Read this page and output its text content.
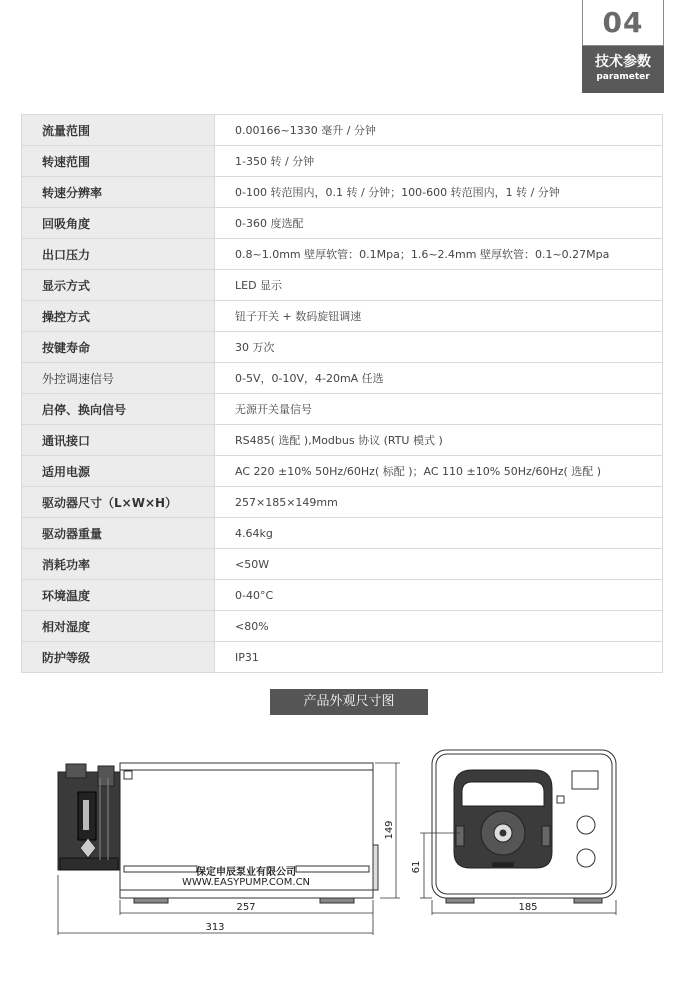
04
技术参数
parameter
流量范围	0.00166~1330 毫升 / 分钟
转速范围	1-350 转 / 分钟
转速分辨率	0-100 转范围内，0.1 转 / 分钟；100-600 转范围内，1 转 / 分钟
回吸角度	0-360 度选配
出口压力	0.8~1.0mm 壁厚软管：0.1Mpa；1.6~2.4mm 壁厚软管：0.1~0.27Mpa
显示方式	LED 显示
操控方式	钮子开关 + 数码旋钮调速
按键寿命	30 万次
外控调速信号	0-5V，0-10V，4-20mA 任选
启停、换向信号	无源开关量信号
通讯接口	RS485( 选配 ),Modbus 协议 (RTU 模式 )
适用电源	AC 220 ±10% 50Hz/60Hz( 标配 )；AC 110 ±10% 50Hz/60Hz( 选配 )
驱动器尺寸（L×W×H）	257×185×149mm
驱动器重量	4.64kg
消耗功率	<50W
环境温度	0-40°C
相对湿度	<80%
防护等级	IP31
产品外观尺寸图
保定申辰泵业有限公司
WWW.EASYPUMP.COM.CN
257
313
149
185
61
